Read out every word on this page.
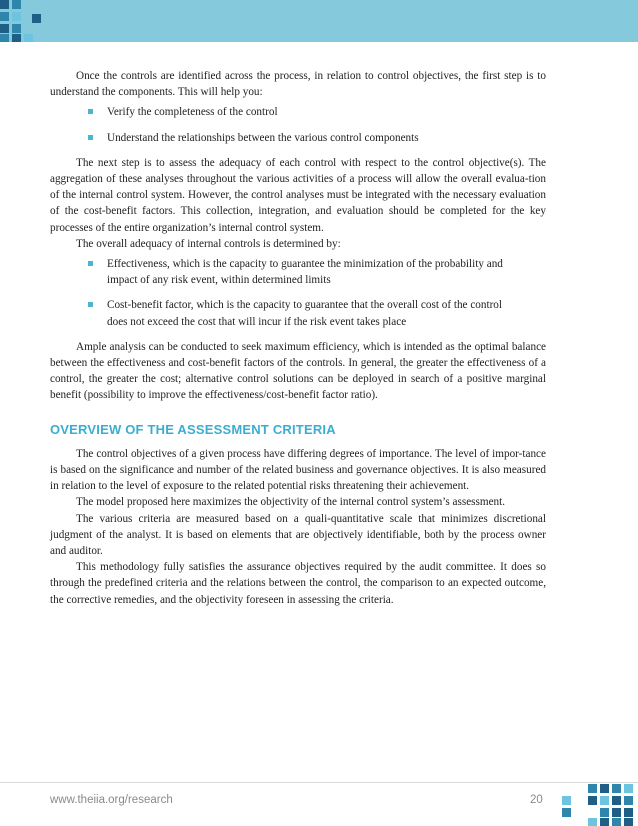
Once the controls are identified across the process, in relation to control objectives, the first step is to understand the components. This will help you:

Verify the completeness of the control
Understand the relationships between the various control components

The next step is to assess the adequacy of each control with respect to the control objective(s). The aggregation of these analyses throughout the various activities of a process will allow the overall evalua-tion of the internal control system. However, the control analyses must be integrated with the necessary evaluation of the cost-benefit factors. This collection, integration, and evaluation should be completed for the key processes of the entire organization’s internal control system.

The overall adequacy of internal controls is determined by:

Effectiveness, which is the capacity to guarantee the minimization of the probability and impact of any risk event, within determined limits
Cost-benefit factor, which is the capacity to guarantee that the overall cost of the control does not exceed the cost that will incur if the risk event takes place

Ample analysis can be conducted to seek maximum efficiency, which is intended as the optimal balance between the effectiveness and cost-benefit factors of the controls. In general, the greater the effectiveness of a control, the greater the cost; alternative control solutions can be deployed in search of a positive marginal benefit (possibility to improve the effectiveness/cost-benefit factor ratio).

OVERVIEW OF THE ASSESSMENT CRITERIA

The control objectives of a given process have differing degrees of importance. The level of impor-tance is based on the significance and number of the related business and governance objectives. It is also measured in relation to the level of exposure to the related potential risks threatening their achievement.

The model proposed here maximizes the objectivity of the internal control system’s assessment.

The various criteria are measured based on a quali-quantitative scale that minimizes discretional judgment of the analyst. It is based on elements that are objectively identifiable, both by the process owner and auditor.

This methodology fully satisfies the assurance objectives required by the audit committee. It does so through the predefined criteria and the relations between the control, the comparison to an expected outcome, the corrective remedies, and the objectivity foreseen in assessing the criteria.

www.theiia.org/research	20
